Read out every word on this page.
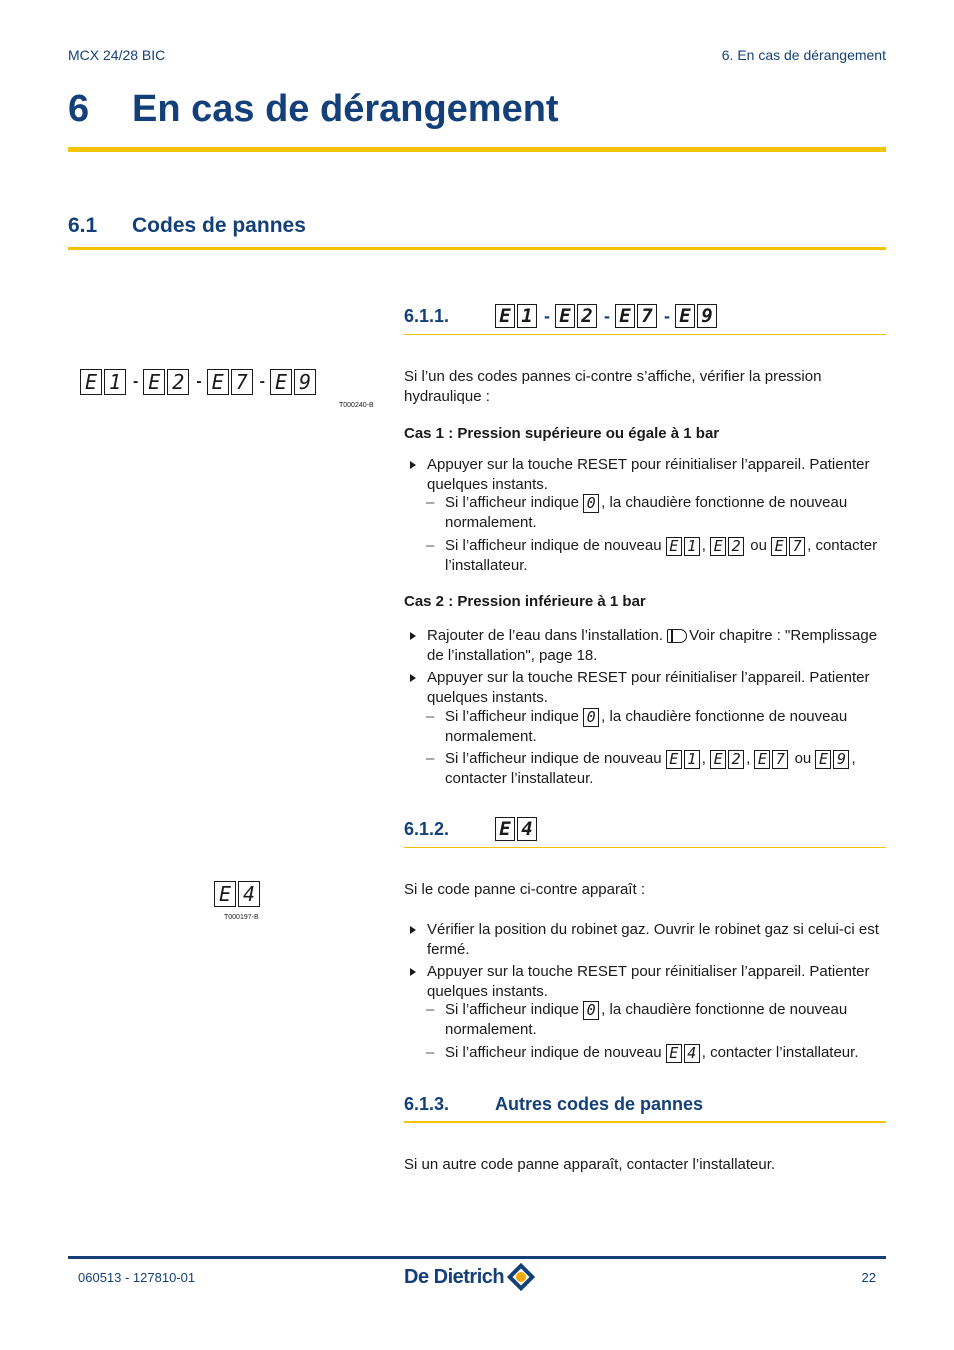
MCX 24/28 BIC	6. En cas de dérangement
6 En cas de dérangement
6.1 Codes de pannes
6.1.1.	E 1 - E 2 - E 7 - E 9
E 1 - E 2 - E 7 - E 9
T000240-B
Si l’un des codes pannes ci-contre s’affiche, vérifier la pression hydraulique :
Cas 1 : Pression supérieure ou égale à 1 bar
Appuyer sur la touche RESET pour réinitialiser l’appareil. Patienter quelques instants.
– Si l’afficheur indique 0 , la chaudière fonctionne de nouveau normalement.
– Si l’afficheur indique de nouveau E 1 , E 2 ou E 7 , contacter l’installateur.
Cas 2 : Pression inférieure à 1 bar
Rajouter de l’eau dans l’installation. Voir chapitre : "Remplissage de l’installation", page 18.
Appuyer sur la touche RESET pour réinitialiser l’appareil. Patienter quelques instants.
– Si l’afficheur indique 0 , la chaudière fonctionne de nouveau normalement.
– Si l’afficheur indique de nouveau E 1 , E 2 , E 7 ou E 9 , contacter l’installateur.
6.1.2.	E 4
E 4
T000197-B
Si le code panne ci-contre apparaît :
Vérifier la position du robinet gaz. Ouvrir le robinet gaz si celui-ci est fermé.
Appuyer sur la touche RESET pour réinitialiser l’appareil. Patienter quelques instants.
– Si l’afficheur indique 0 , la chaudière fonctionne de nouveau normalement.
– Si l’afficheur indique de nouveau E 4 , contacter l’installateur.
6.1.3.	Autres codes de pannes
Si un autre code panne apparaît, contacter l’installateur.
060513 - 127810-01	De Dietrich	22
